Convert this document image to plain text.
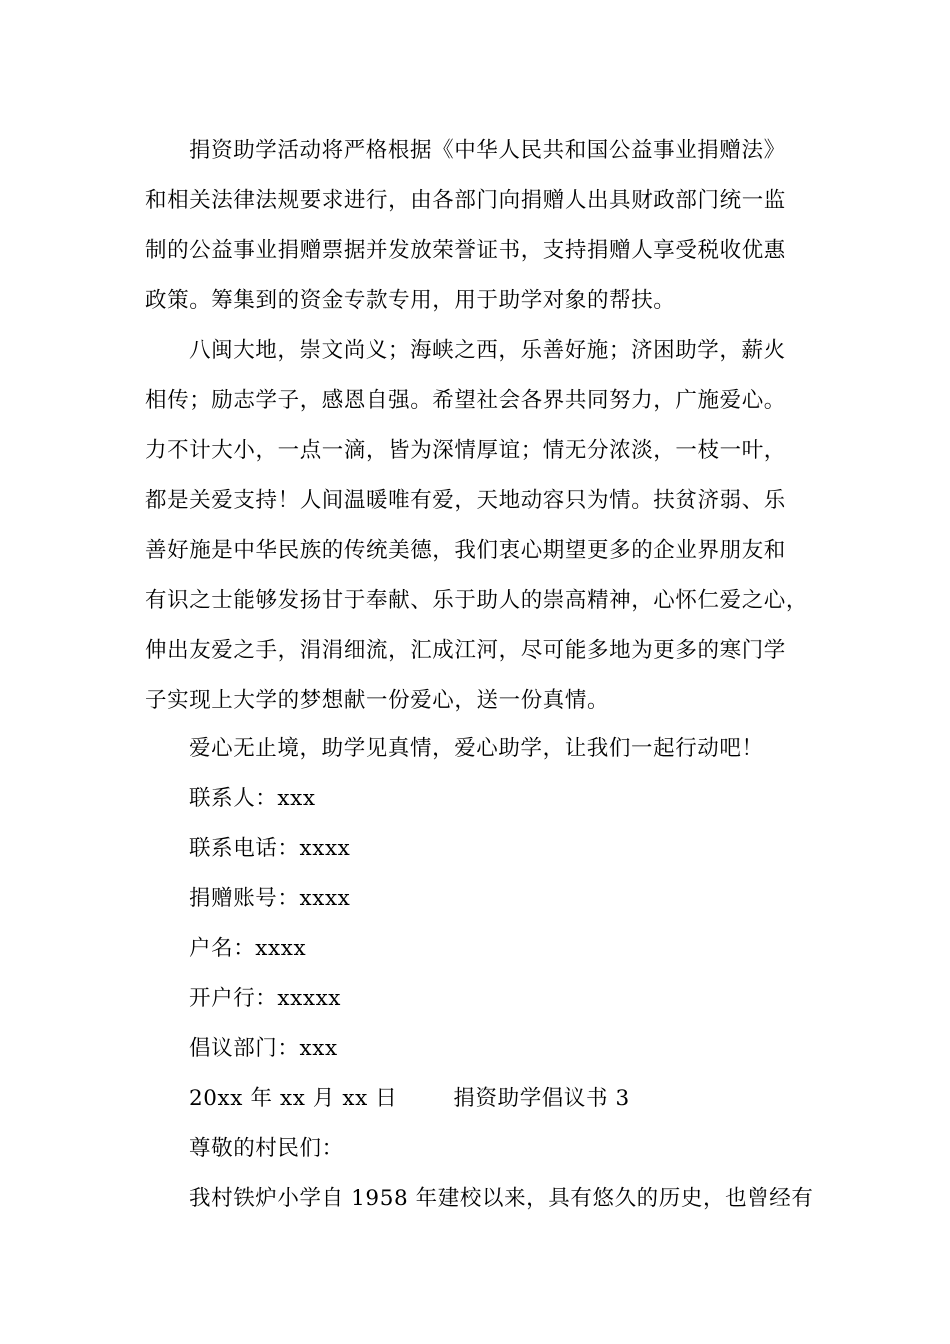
捐资助学活动将严格根据《中华人民共和国公益事业捐赠法》
和相关法律法规要求进行，由各部门向捐赠人出具财政部门统一监
制的公益事业捐赠票据并发放荣誉证书，支持捐赠人享受税收优惠
政策。筹集到的资金专款专用，用于助学对象的帮扶。

八闽大地，崇文尚义；海峡之西，乐善好施；济困助学，薪火
相传；励志学子，感恩自强。希望社会各界共同努力，广施爱心。
力不计大小，一点一滴，皆为深情厚谊；情无分浓淡，一枝一叶，
都是关爱支持！人间温暖唯有爱，天地动容只为情。扶贫济弱、乐
善好施是中华民族的传统美德，我们衷心期望更多的企业界朋友和
有识之士能够发扬甘于奉献、乐于助人的崇高精神，心怀仁爱之心，
伸出友爱之手，涓涓细流，汇成江河，尽可能多地为更多的寒门学
子实现上大学的梦想献一份爱心，送一份真情。

爱心无止境，助学见真情，爱心助学，让我们一起行动吧！
联系人：xxx
联系电话：xxxx
捐赠账号：xxxx
户名：xxxx
开户行：xxxxx
倡议部门：xxx
20xx 年 xx 月 xx 日	捐资助学倡议书 3
尊敬的村民们：
我村铁炉小学自 1958 年建校以来，具有悠久的历史，也曾经有
